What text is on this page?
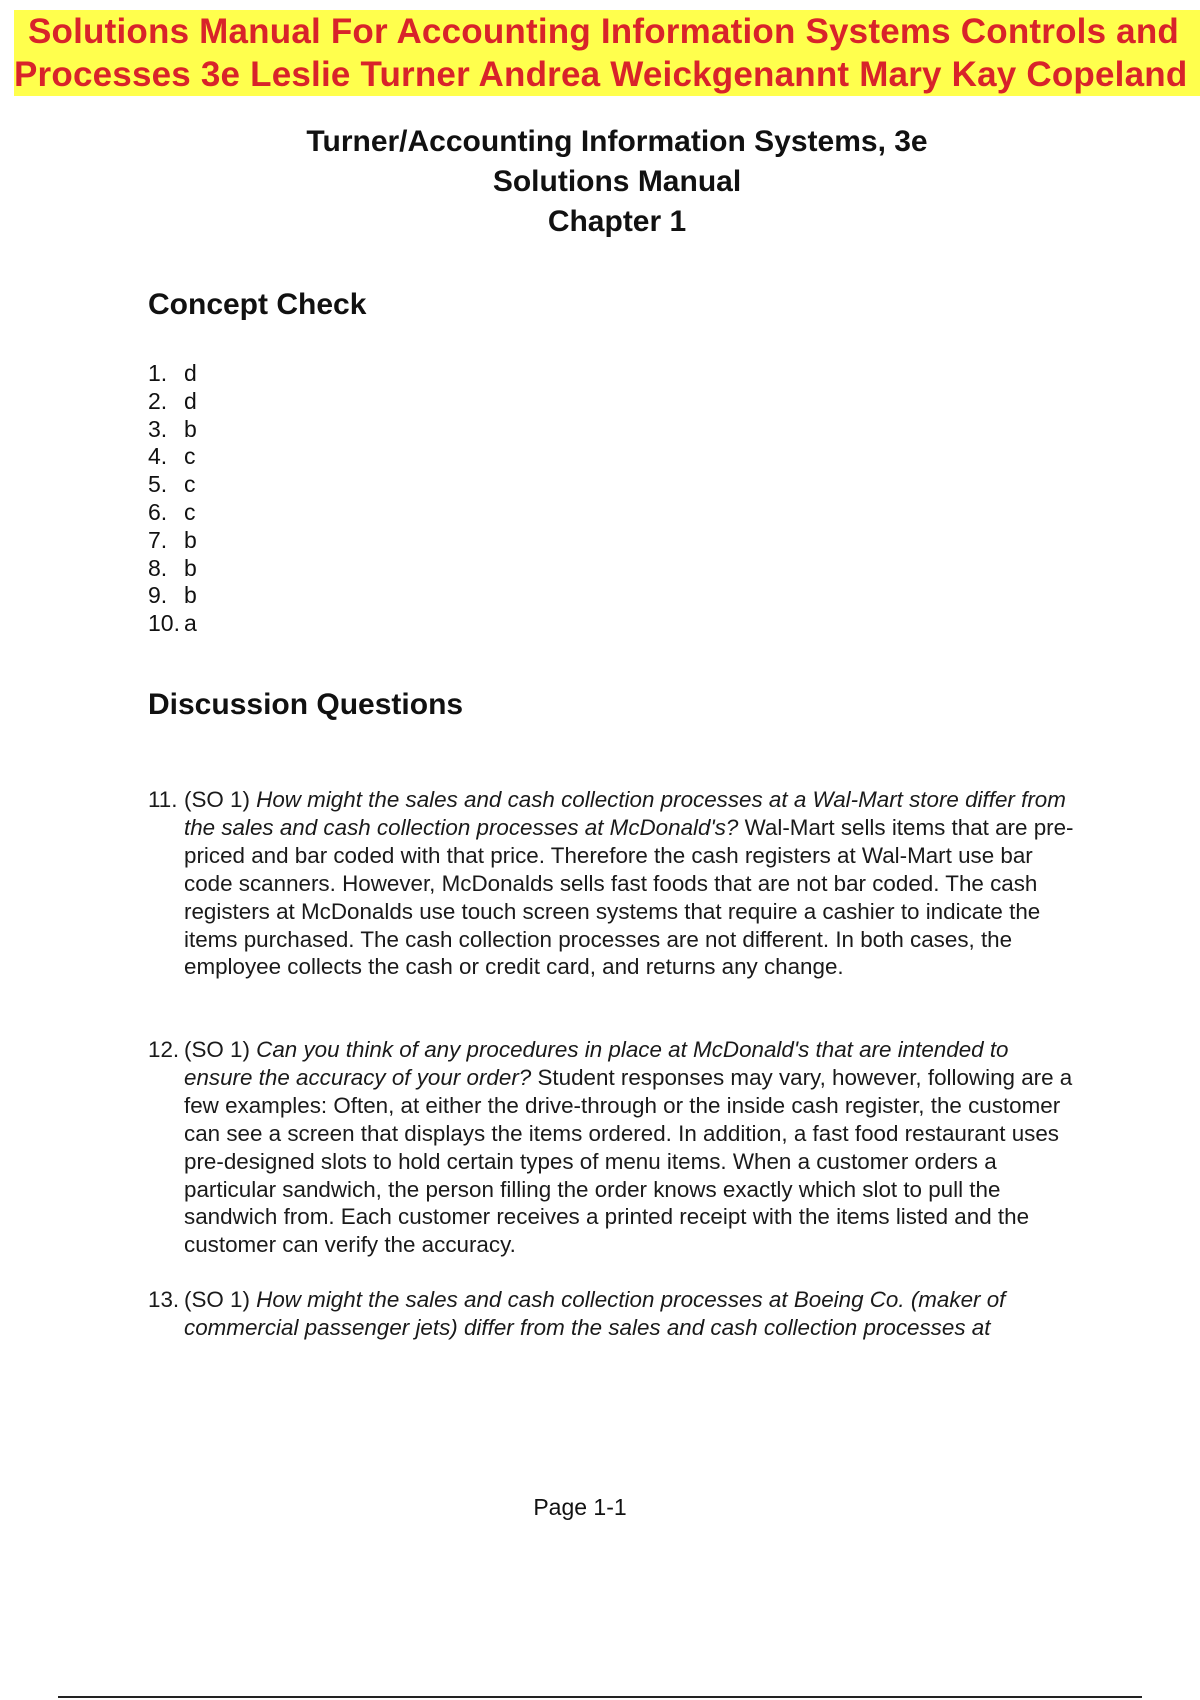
Solutions Manual For Accounting Information Systems Controls and
Processes 3e Leslie Turner Andrea Weickgenannt Mary Kay Copeland
Turner/Accounting Information Systems, 3e
Solutions Manual
Chapter 1
Concept Check
1. d
2. d
3. b
4. c
5. c
6. c
7. b
8. b
9. b
10. a
Discussion Questions
11. (SO 1) How might the sales and cash collection processes at a Wal-Mart store differ from the sales and cash collection processes at McDonald's? Wal-Mart sells items that are pre-priced and bar coded with that price. Therefore the cash registers at Wal-Mart use bar code scanners. However, McDonalds sells fast foods that are not bar coded. The cash registers at McDonalds use touch screen systems that require a cashier to indicate the items purchased. The cash collection processes are not different. In both cases, the employee collects the cash or credit card, and returns any change.
12. (SO 1) Can you think of any procedures in place at McDonald's that are intended to ensure the accuracy of your order? Student responses may vary, however, following are a few examples: Often, at either the drive-through or the inside cash register, the customer can see a screen that displays the items ordered. In addition, a fast food restaurant uses pre-designed slots to hold certain types of menu items. When a customer orders a particular sandwich, the person filling the order knows exactly which slot to pull the sandwich from. Each customer receives a printed receipt with the items listed and the customer can verify the accuracy.
13. (SO 1) How might the sales and cash collection processes at Boeing Co. (maker of commercial passenger jets) differ from the sales and cash collection processes at
Page 1-1
